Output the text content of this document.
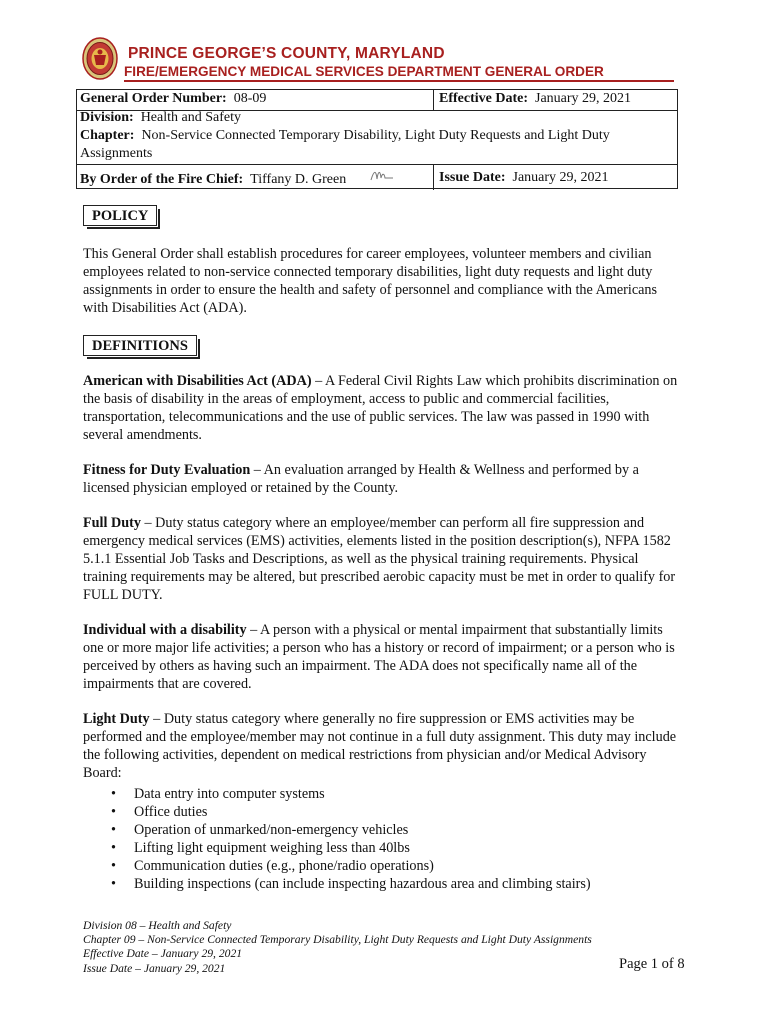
PRINCE GEORGE’S COUNTY, MARYLAND
FIRE/EMERGENCY MEDICAL SERVICES DEPARTMENT GENERAL ORDER
General Order Number: 08-09	Effective Date: January 29, 2021
Division: Health and Safety
Chapter: Non-Service Connected Temporary Disability, Light Duty Requests and Light Duty
Assignments
By Order of the Fire Chief: Tiffany D. Green	Issue Date: January 29, 2021
POLICY

This General Order shall establish procedures for career employees, volunteer members and civilian employees related to non-service connected temporary disabilities, light duty requests and light duty assignments in order to ensure the health and safety of personnel and compliance with the Americans with Disabilities Act (ADA).

DEFINITIONS

American with Disabilities Act (ADA) – A Federal Civil Rights Law which prohibits discrimination on the basis of disability in the areas of employment, access to public and commercial facilities, transportation, telecommunications and the use of public services. The law was passed in 1990 with several amendments.

Fitness for Duty Evaluation – An evaluation arranged by Health & Wellness and performed by a licensed physician employed or retained by the County.

Full Duty – Duty status category where an employee/member can perform all fire suppression and emergency medical services (EMS) activities, elements listed in the position description(s), NFPA 1582 5.1.1 Essential Job Tasks and Descriptions, as well as the physical training requirements. Physical training requirements may be altered, but prescribed aerobic capacity must be met in order to qualify for FULL DUTY.

Individual with a disability – A person with a physical or mental impairment that substantially limits one or more major life activities; a person who has a history or record of impairment; or a person who is perceived by others as having such an impairment. The ADA does not specifically name all of the impairments that are covered.

Light Duty – Duty status category where generally no fire suppression or EMS activities may be performed and the employee/member may not continue in a full duty assignment. This duty may include the following activities, dependent on medical restrictions from physician and/or Medical Advisory Board:

• Data entry into computer systems
• Office duties
• Operation of unmarked/non-emergency vehicles
• Lifting light equipment weighing less than 40lbs
• Communication duties (e.g., phone/radio operations)
• Building inspections (can include inspecting hazardous area and climbing stairs)
Division 08 – Health and Safety
Chapter 09 – Non-Service Connected Temporary Disability, Light Duty Requests and Light Duty Assignments
Effective Date – January 29, 2021
Issue Date – January 29, 2021	Page 1 of 8
